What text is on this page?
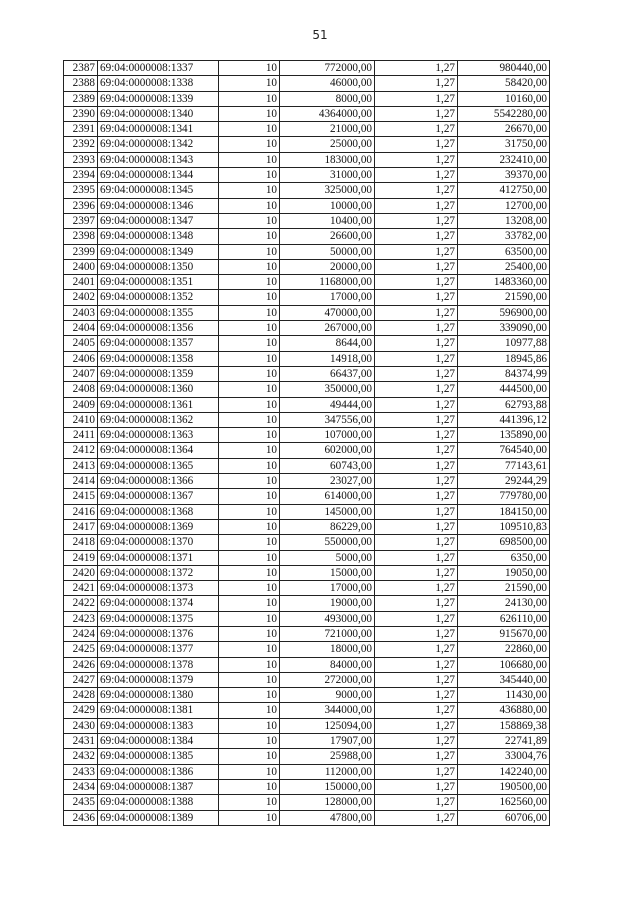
51
2387	69:04:0000008:1337	10	772000,00	1,27	980440,00
2388	69:04:0000008:1338	10	46000,00	1,27	58420,00
2389	69:04:0000008:1339	10	8000,00	1,27	10160,00
2390	69:04:0000008:1340	10	4364000,00	1,27	5542280,00
2391	69:04:0000008:1341	10	21000,00	1,27	26670,00
2392	69:04:0000008:1342	10	25000,00	1,27	31750,00
2393	69:04:0000008:1343	10	183000,00	1,27	232410,00
2394	69:04:0000008:1344	10	31000,00	1,27	39370,00
2395	69:04:0000008:1345	10	325000,00	1,27	412750,00
2396	69:04:0000008:1346	10	10000,00	1,27	12700,00
2397	69:04:0000008:1347	10	10400,00	1,27	13208,00
2398	69:04:0000008:1348	10	26600,00	1,27	33782,00
2399	69:04:0000008:1349	10	50000,00	1,27	63500,00
2400	69:04:0000008:1350	10	20000,00	1,27	25400,00
2401	69:04:0000008:1351	10	1168000,00	1,27	1483360,00
2402	69:04:0000008:1352	10	17000,00	1,27	21590,00
2403	69:04:0000008:1355	10	470000,00	1,27	596900,00
2404	69:04:0000008:1356	10	267000,00	1,27	339090,00
2405	69:04:0000008:1357	10	8644,00	1,27	10977,88
2406	69:04:0000008:1358	10	14918,00	1,27	18945,86
2407	69:04:0000008:1359	10	66437,00	1,27	84374,99
2408	69:04:0000008:1360	10	350000,00	1,27	444500,00
2409	69:04:0000008:1361	10	49444,00	1,27	62793,88
2410	69:04:0000008:1362	10	347556,00	1,27	441396,12
2411	69:04:0000008:1363	10	107000,00	1,27	135890,00
2412	69:04:0000008:1364	10	602000,00	1,27	764540,00
2413	69:04:0000008:1365	10	60743,00	1,27	77143,61
2414	69:04:0000008:1366	10	23027,00	1,27	29244,29
2415	69:04:0000008:1367	10	614000,00	1,27	779780,00
2416	69:04:0000008:1368	10	145000,00	1,27	184150,00
2417	69:04:0000008:1369	10	86229,00	1,27	109510,83
2418	69:04:0000008:1370	10	550000,00	1,27	698500,00
2419	69:04:0000008:1371	10	5000,00	1,27	6350,00
2420	69:04:0000008:1372	10	15000,00	1,27	19050,00
2421	69:04:0000008:1373	10	17000,00	1,27	21590,00
2422	69:04:0000008:1374	10	19000,00	1,27	24130,00
2423	69:04:0000008:1375	10	493000,00	1,27	626110,00
2424	69:04:0000008:1376	10	721000,00	1,27	915670,00
2425	69:04:0000008:1377	10	18000,00	1,27	22860,00
2426	69:04:0000008:1378	10	84000,00	1,27	106680,00
2427	69:04:0000008:1379	10	272000,00	1,27	345440,00
2428	69:04:0000008:1380	10	9000,00	1,27	11430,00
2429	69:04:0000008:1381	10	344000,00	1,27	436880,00
2430	69:04:0000008:1383	10	125094,00	1,27	158869,38
2431	69:04:0000008:1384	10	17907,00	1,27	22741,89
2432	69:04:0000008:1385	10	25988,00	1,27	33004,76
2433	69:04:0000008:1386	10	112000,00	1,27	142240,00
2434	69:04:0000008:1387	10	150000,00	1,27	190500,00
2435	69:04:0000008:1388	10	128000,00	1,27	162560,00
2436	69:04:0000008:1389	10	47800,00	1,27	60706,00
